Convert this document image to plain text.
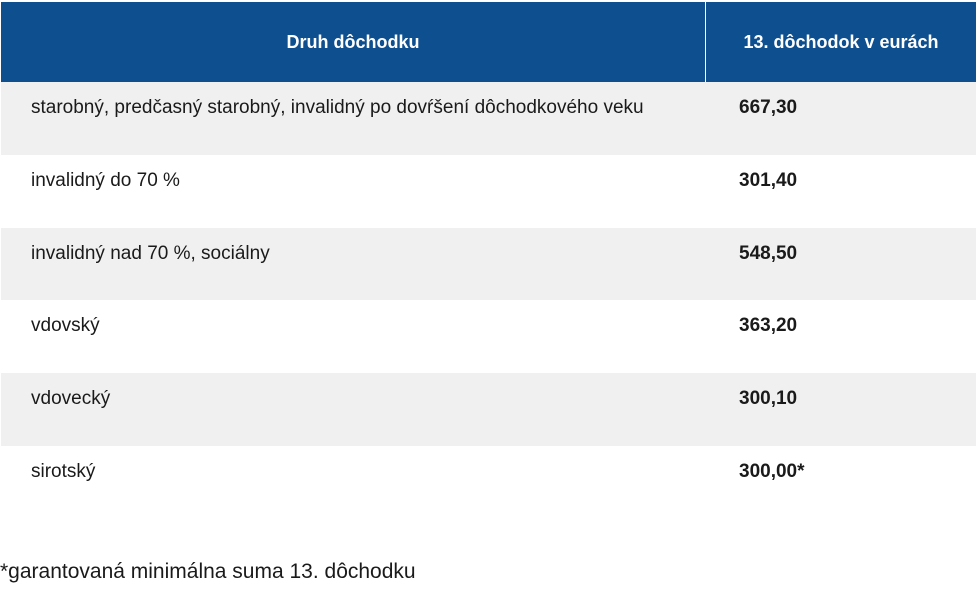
Druh dôchodku	13. dôchodok v eurách
starobný, predčasný starobný, invalidný po dovŕšení dôchodkového veku	667,30
invalidný do 70 %	301,40
invalidný nad 70 %, sociálny	548,50
vdovský	363,20
vdovecký	300,10
sirotský	300,00*
*garantovaná minimálna suma 13. dôchodku
